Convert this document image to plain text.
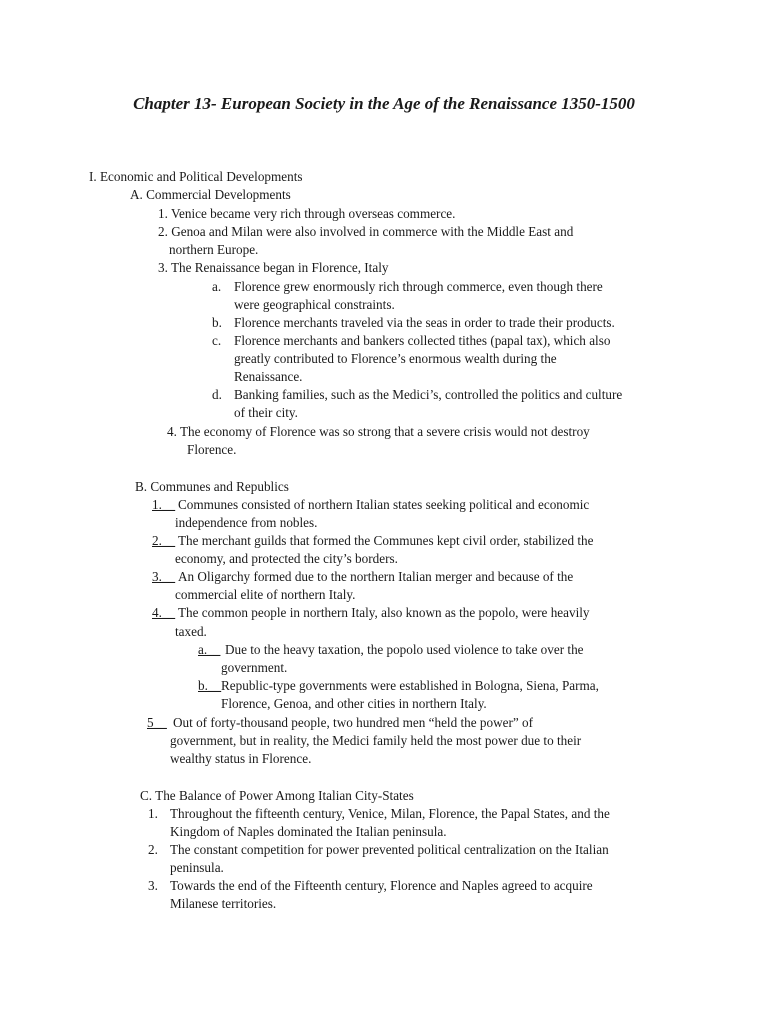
Chapter 13- European Society in the Age of the Renaissance 1350-1500
I. Economic and Political Developments
A. Commercial Developments
1. Venice became very rich through overseas commerce.
2. Genoa and Milan were also involved in commerce with the Middle East and
northern Europe.
3. The Renaissance began in Florence, Italy
a. Florence grew enormously rich through commerce, even though there
were geographical constraints.
b. Florence merchants traveled via the seas in order to trade their products.
c. Florence merchants and bankers collected tithes (papal tax), which also
greatly contributed to Florence’s enormous wealth during the
Renaissance.
d. Banking families, such as the Medici’s, controlled the politics and culture
of their city.
4. The economy of Florence was so strong that a severe crisis would not destroy
Florence.
B. Communes and Republics
1.__ Communes consisted of northern Italian states seeking political and economic
independence from nobles.
2.__ The merchant guilds that formed the Communes kept civil order, stabilized the
economy, and protected the city’s borders.
3.__ An Oligarchy formed due to the northern Italian merger and because of the
commercial elite of northern Italy.
4.__ The common people in northern Italy, also known as the popolo, were heavily
taxed.
a.__ Due to the heavy taxation, the popolo used violence to take over the
government.
b.__ Republic-type governments were established in Bologna, Siena, Parma,
Florence, Genoa, and other cities in northern Italy.
5__ Out of forty-thousand people, two hundred men “held the power” of
government, but in reality, the Medici family held the most power due to their
wealthy status in Florence.
C. The Balance of Power Among Italian City-States
1. Throughout the fifteenth century, Venice, Milan, Florence, the Papal States, and the
Kingdom of Naples dominated the Italian peninsula.
2. The constant competition for power prevented political centralization on the Italian
peninsula.
3. Towards the end of the Fifteenth century, Florence and Naples agreed to acquire
Milanese territories.
